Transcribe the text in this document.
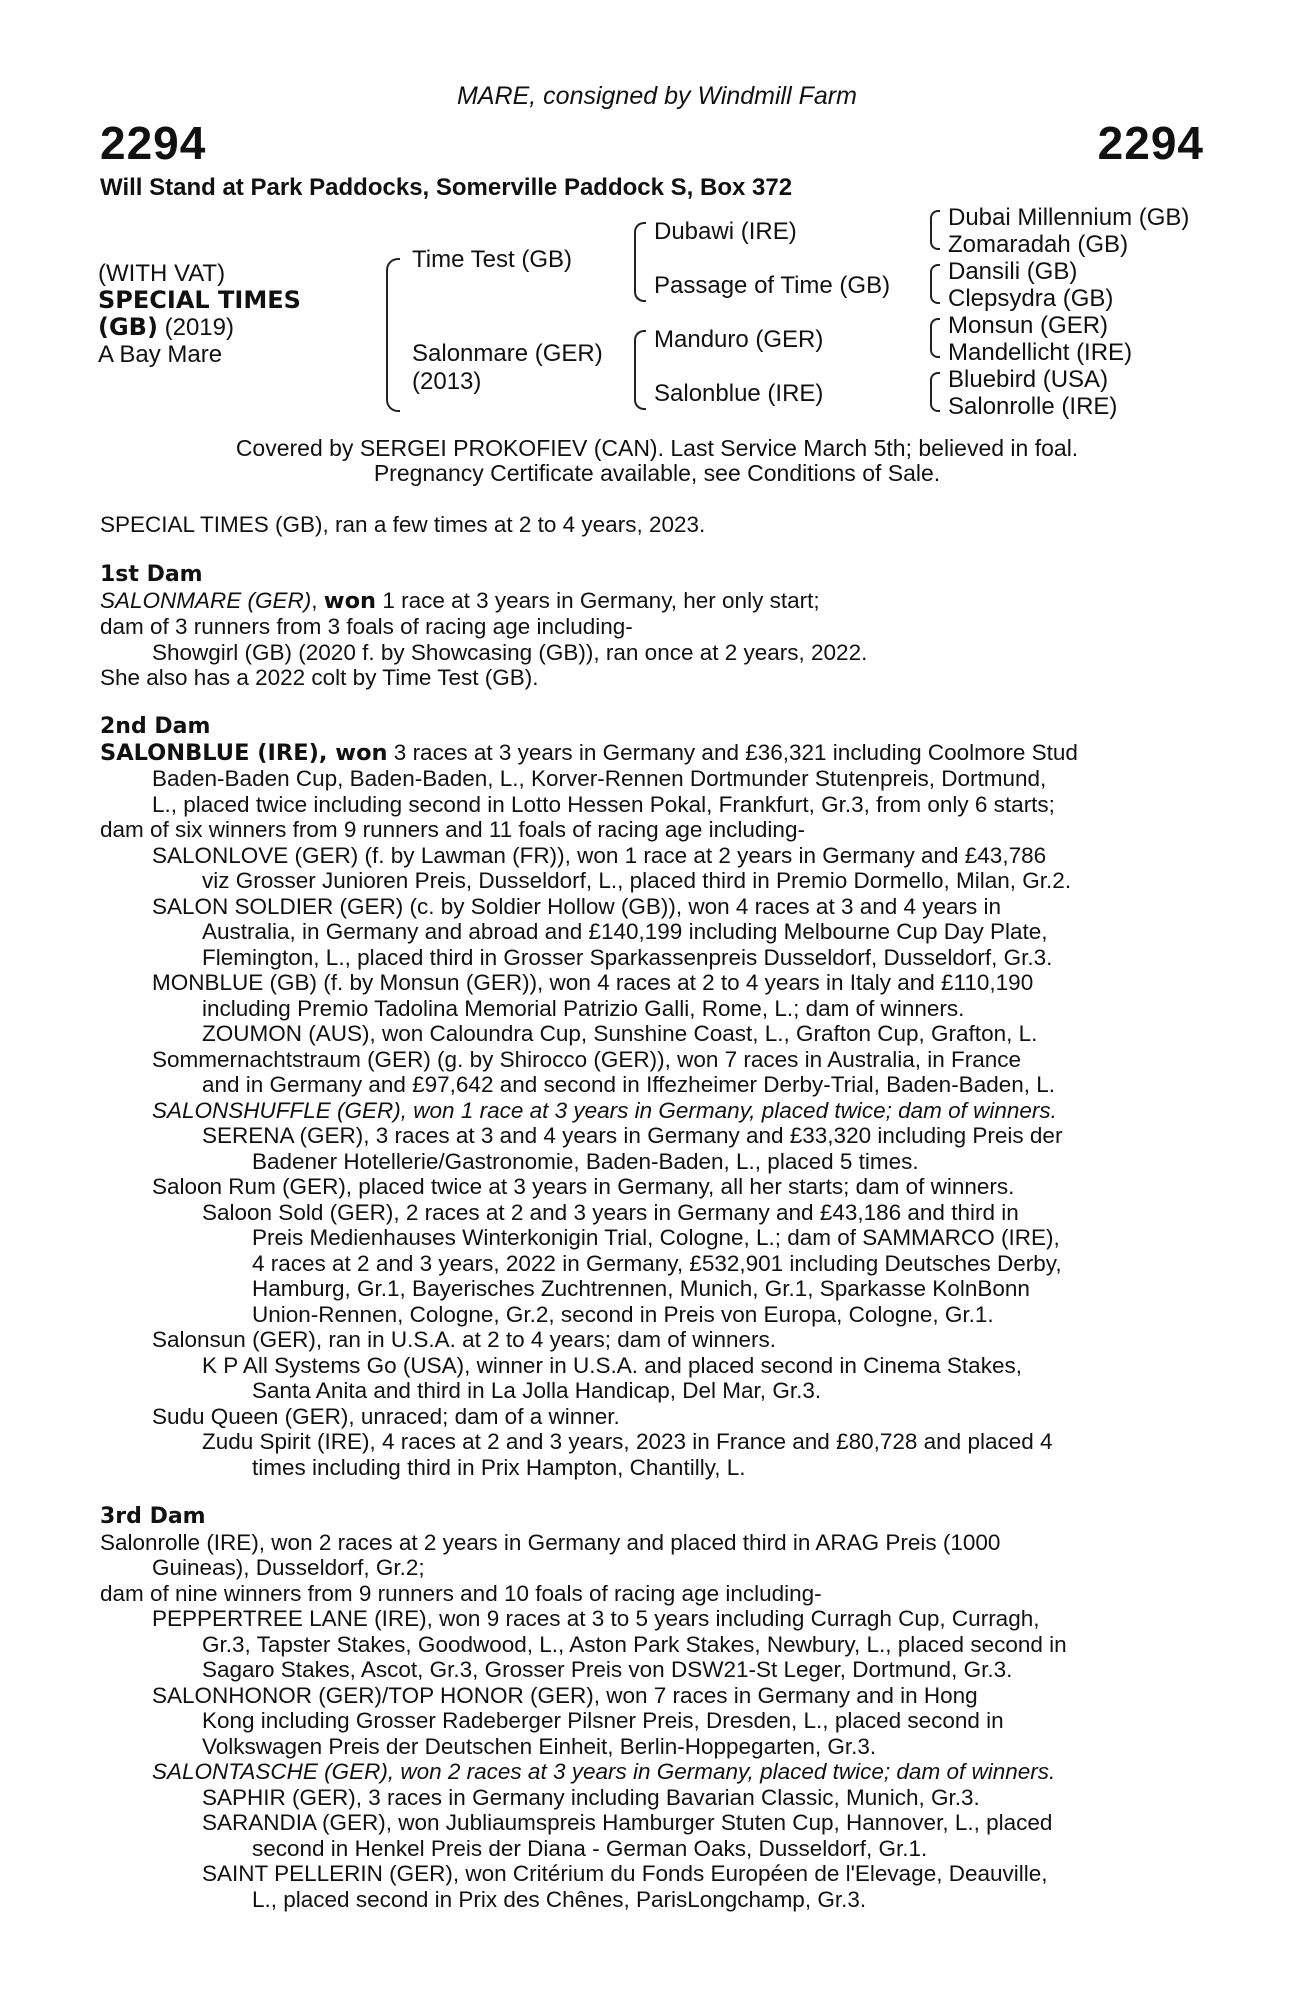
MARE, consigned by Windmill Farm
2294	2294
Will Stand at Park Paddocks, Somerville Paddock S, Box 372
(WITH VAT)
SPECIAL TIMES
(GB) (2019)
A Bay Mare
Time Test (GB)
Salonmare (GER)
(2013)
Dubawi (IRE)
Passage of Time (GB)
Manduro (GER)
Salonblue (IRE)
Dubai Millennium (GB)
Zomaradah (GB)
Dansili (GB)
Clepsydra (GB)
Monsun (GER)
Mandellicht (IRE)
Bluebird (USA)
Salonrolle (IRE)
Covered by SERGEI PROKOFIEV (CAN). Last Service March 5th; believed in foal.
Pregnancy Certificate available, see Conditions of Sale.

SPECIAL TIMES (GB), ran a few times at 2 to 4 years, 2023.

1st Dam

SALONMARE (GER), won 1 race at 3 years in Germany, her only start;

dam of 3 runners from 3 foals of racing age including-

Showgirl (GB) (2020 f. by Showcasing (GB)), ran once at 2 years, 2022.

She also has a 2022 colt by Time Test (GB).

2nd Dam

SALONBLUE (IRE), won 3 races at 3 years in Germany and £36,321 including Coolmore Stud

Baden-Baden Cup, Baden-Baden, L., Korver-Rennen Dortmunder Stutenpreis, Dortmund,

L., placed twice including second in Lotto Hessen Pokal, Frankfurt, Gr.3, from only 6 starts;

dam of six winners from 9 runners and 11 foals of racing age including-

SALONLOVE (GER) (f. by Lawman (FR)), won 1 race at 2 years in Germany and £43,786

viz Grosser Junioren Preis, Dusseldorf, L., placed third in Premio Dormello, Milan, Gr.2.

SALON SOLDIER (GER) (c. by Soldier Hollow (GB)), won 4 races at 3 and 4 years in

Australia, in Germany and abroad and £140,199 including Melbourne Cup Day Plate,

Flemington, L., placed third in Grosser Sparkassenpreis Dusseldorf, Dusseldorf, Gr.3.

MONBLUE (GB) (f. by Monsun (GER)), won 4 races at 2 to 4 years in Italy and £110,190

including Premio Tadolina Memorial Patrizio Galli, Rome, L.; dam of winners.

ZOUMON (AUS), won Caloundra Cup, Sunshine Coast, L., Grafton Cup, Grafton, L.

Sommernachtstraum (GER) (g. by Shirocco (GER)), won 7 races in Australia, in France

and in Germany and £97,642 and second in Iffezheimer Derby-Trial, Baden-Baden, L.

SALONSHUFFLE (GER), won 1 race at 3 years in Germany, placed twice; dam of winners.

SERENA (GER), 3 races at 3 and 4 years in Germany and £33,320 including Preis der

Badener Hotellerie/Gastronomie, Baden-Baden, L., placed 5 times.

Saloon Rum (GER), placed twice at 3 years in Germany, all her starts; dam of winners.

Saloon Sold (GER), 2 races at 2 and 3 years in Germany and £43,186 and third in

Preis Medienhauses Winterkonigin Trial, Cologne, L.; dam of SAMMARCO (IRE),

4 races at 2 and 3 years, 2022 in Germany, £532,901 including Deutsches Derby,

Hamburg, Gr.1, Bayerisches Zuchtrennen, Munich, Gr.1, Sparkasse KolnBonn

Union-Rennen, Cologne, Gr.2, second in Preis von Europa, Cologne, Gr.1.

Salonsun (GER), ran in U.S.A. at 2 to 4 years; dam of winners.

K P All Systems Go (USA), winner in U.S.A. and placed second in Cinema Stakes,

Santa Anita and third in La Jolla Handicap, Del Mar, Gr.3.

Sudu Queen (GER), unraced; dam of a winner.

Zudu Spirit (IRE), 4 races at 2 and 3 years, 2023 in France and £80,728 and placed 4

times including third in Prix Hampton, Chantilly, L.

3rd Dam

Salonrolle (IRE), won 2 races at 2 years in Germany and placed third in ARAG Preis (1000

Guineas), Dusseldorf, Gr.2;

dam of nine winners from 9 runners and 10 foals of racing age including-

PEPPERTREE LANE (IRE), won 9 races at 3 to 5 years including Curragh Cup, Curragh,

Gr.3, Tapster Stakes, Goodwood, L., Aston Park Stakes, Newbury, L., placed second in

Sagaro Stakes, Ascot, Gr.3, Grosser Preis von DSW21-St Leger, Dortmund, Gr.3.

SALONHONOR (GER)/TOP HONOR (GER), won 7 races in Germany and in Hong

Kong including Grosser Radeberger Pilsner Preis, Dresden, L., placed second in

Volkswagen Preis der Deutschen Einheit, Berlin-Hoppegarten, Gr.3.

SALONTASCHE (GER), won 2 races at 3 years in Germany, placed twice; dam of winners.

SAPHIR (GER), 3 races in Germany including Bavarian Classic, Munich, Gr.3.

SARANDIA (GER), won Jubliaumspreis Hamburger Stuten Cup, Hannover, L., placed

second in Henkel Preis der Diana - German Oaks, Dusseldorf, Gr.1.

SAINT PELLERIN (GER), won Critérium du Fonds Européen de l'Elevage, Deauville,

L., placed second in Prix des Chênes, ParisLongchamp, Gr.3.
